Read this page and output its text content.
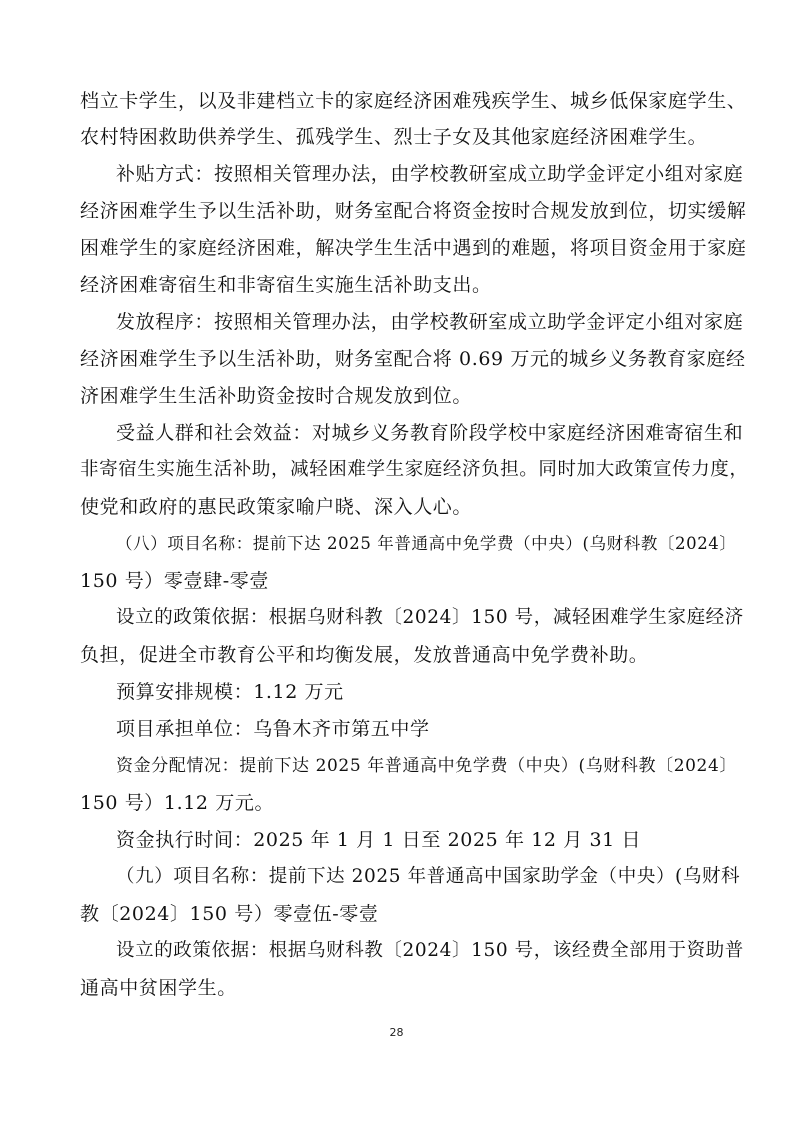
档立卡学生，以及非建档立卡的家庭经济困难残疾学生、城乡低保家庭学生、
农村特困救助供养学生、孤残学生、烈士子女及其他家庭经济困难学生。
补贴方式：按照相关管理办法，由学校教研室成立助学金评定小组对家庭
经济困难学生予以生活补助，财务室配合将资金按时合规发放到位，切实缓解
困难学生的家庭经济困难，解决学生生活中遇到的难题，将项目资金用于家庭
经济困难寄宿生和非寄宿生实施生活补助支出。
发放程序：按照相关管理办法，由学校教研室成立助学金评定小组对家庭
经济困难学生予以生活补助，财务室配合将 0.69 万元的城乡义务教育家庭经
济困难学生生活补助资金按时合规发放到位。
受益人群和社会效益：对城乡义务教育阶段学校中家庭经济困难寄宿生和
非寄宿生实施生活补助，减轻困难学生家庭经济负担。同时加大政策宣传力度，
使党和政府的惠民政策家喻户晓、深入人心。
（八）项目名称：提前下达 2025 年普通高中免学费（中央）(乌财科教〔2024〕
150 号）零壹肆-零壹
设立的政策依据：根据乌财科教〔2024〕150 号，减轻困难学生家庭经济
负担，促进全市教育公平和均衡发展，发放普通高中免学费补助。
预算安排规模：1.12 万元
项目承担单位：乌鲁木齐市第五中学
资金分配情况：提前下达 2025 年普通高中免学费（中央）(乌财科教〔2024〕
150 号）1.12 万元。
资金执行时间：2025 年 1 月 1 日至 2025 年 12 月 31 日
（九）项目名称：提前下达 2025 年普通高中国家助学金（中央）(乌财科
教〔2024〕150 号）零壹伍-零壹
设立的政策依据：根据乌财科教〔2024〕150 号，该经费全部用于资助普
通高中贫困学生。
28
